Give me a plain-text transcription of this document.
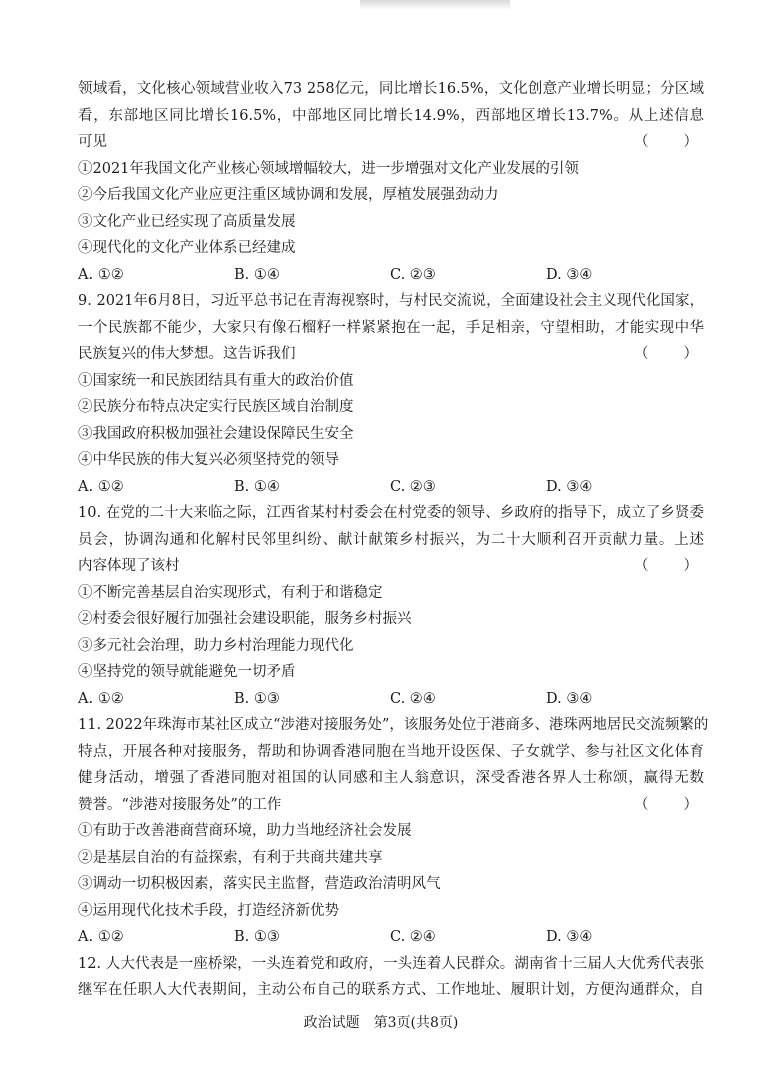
领域看，文化核心领域营业收入73 258亿元，同比增长16.5%，文化创意产业增长明显；分区域
看，东部地区同比增长16.5%，中部地区同比增长14.9%，西部地区增长13.7%。从上述信息
可见	（　　）
①2021年我国文化产业核心领域增幅较大，进一步增强对文化产业发展的引领
②今后我国文化产业应更注重区域协调和发展，厚植发展强劲动力
③文化产业已经实现了高质量发展
④现代化的文化产业体系已经建成
A. ①②	B. ①④	C. ②③	D. ③④
9. 2021年6月8日，习近平总书记在青海视察时，与村民交流说，全面建设社会主义现代化国家，
一个民族都不能少，大家只有像石榴籽一样紧紧抱在一起，手足相亲，守望相助，才能实现中华
民族复兴的伟大梦想。这告诉我们	（　　）
①国家统一和民族团结具有重大的政治价值
②民族分布特点决定实行民族区域自治制度
③我国政府积极加强社会建设保障民生安全
④中华民族的伟大复兴必须坚持党的领导
A. ①②	B. ①④	C. ②③	D. ③④
10. 在党的二十大来临之际，江西省某村村委会在村党委的领导、乡政府的指导下，成立了乡贤委
员会，协调沟通和化解村民邻里纠纷、献计献策乡村振兴，为二十大顺利召开贡献力量。上述
内容体现了该村	（　　）
①不断完善基层自治实现形式，有利于和谐稳定
②村委会很好履行加强社会建设职能，服务乡村振兴
③多元社会治理，助力乡村治理能力现代化
④坚持党的领导就能避免一切矛盾
A. ①②	B. ①③	C. ②④	D. ③④
11. 2022年珠海市某社区成立“涉港对接服务处”，该服务处位于港商多、港珠两地居民交流频繁的
特点，开展各种对接服务，帮助和协调香港同胞在当地开设医保、子女就学、参与社区文化体育
健身活动，增强了香港同胞对祖国的认同感和主人翁意识，深受香港各界人士称颂，赢得无数
赞誉。“涉港对接服务处”的工作	（　　）
①有助于改善港商营商环境，助力当地经济社会发展
②是基层自治的有益探索，有利于共商共建共享
③调动一切积极因素，落实民主监督，营造政治清明风气
④运用现代化技术手段，打造经济新优势
A. ①②	B. ①③	C. ②④	D. ③④
12. 人大代表是一座桥梁，一头连着党和政府，一头连着人民群众。湖南省十三届人大优秀代表张
继军在任职人大代表期间，主动公布自己的联系方式、工作地址、履职计划，方便沟通群众，自
政治试题　第3页(共8页)
